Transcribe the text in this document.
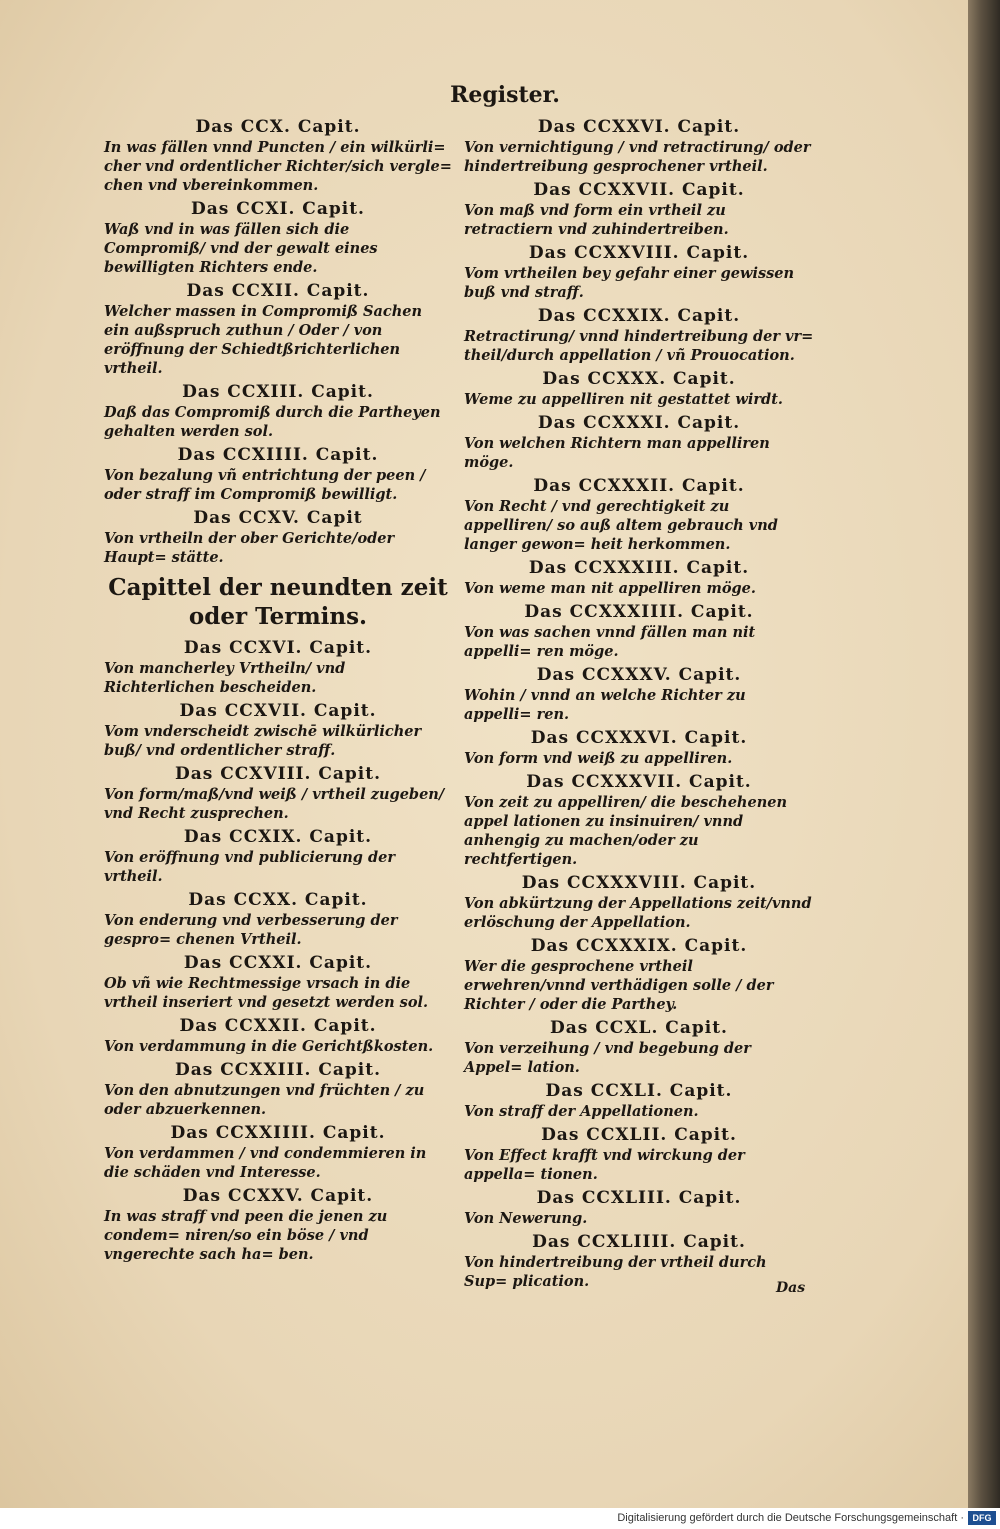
Register.
Das CCX. Capit.
In was fällen vnnd Puncten / ein wilkürli= cher vnd ordentlicher Richter/sich vergle= chen vnd vbereinkommen.
Das CCXI. Capit.
Waß vnd in was fällen sich die Compromiß/ vnd der gewalt eines bewilligten Richters ende.
Das CCXII. Capit.
Welcher massen in Compromiß Sachen ein außspruch zuthun / Oder / von eröffnung der Schiedtßrichterlichen vrtheil.
Das CCXIII. Capit.
Daß das Compromiß durch die Partheyen gehalten werden sol.
Das CCXIIII. Capit.
Von bezalung vñ entrichtung der peen / oder straff im Compromiß bewilligt.
Das CCXV. Capit
Von vrtheiln der ober Gerichte/oder Haupt= stätte.
Capittel der neundten zeit oder Termins.
Das CCXVI. Capit.
Von mancherley Vrtheiln/ vnd Richterlichen bescheiden.
Das CCXVII. Capit.
Vom vnderscheidt zwischē wilkürlicher buß/ vnd ordentlicher straff.
Das CCXVIII. Capit.
Von form/maß/vnd weiß / vrtheil zugeben/ vnd Recht zusprechen.
Das CCXIX. Capit.
Von eröffnung vnd publicierung der vrtheil.
Das CCXX. Capit.
Von enderung vnd verbesserung der gespro= chenen Vrtheil.
Das CCXXI. Capit.
Ob vñ wie Rechtmessige vrsach in die vrtheil inseriert vnd gesetzt werden sol.
Das CCXXII. Capit.
Von verdammung in die Gerichtßkosten.
Das CCXXIII. Capit.
Von den abnutzungen vnd früchten / zu oder abzuerkennen.
Das CCXXIIII. Capit.
Von verdammen / vnd condemmieren in die schäden vnd Interesse.
Das CCXXV. Capit.
In was straff vnd peen die jenen zu condem= niren/so ein böse / vnd vngerechte sach ha= ben.
Das CCXXVI. Capit.
Von vernichtigung / vnd retractirung/ oder hindertreibung gesprochener vrtheil.
Das CCXXVII. Capit.
Von maß vnd form ein vrtheil zu retractiern vnd zuhindertreiben.
Das CCXXVIII. Capit.
Vom vrtheilen bey gefahr einer gewissen buß vnd straff.
Das CCXXIX. Capit.
Retractirung/ vnnd hindertreibung der vr= theil/durch appellation / vñ Prouocation.
Das CCXXX. Capit.
Weme zu appelliren nit gestattet wirdt.
Das CCXXXI. Capit.
Von welchen Richtern man appelliren möge.
Das CCXXXII. Capit.
Von Recht / vnd gerechtigkeit zu appelliren/ so auß altem gebrauch vnd langer gewon= heit herkommen.
Das CCXXXIII. Capit.
Von weme man nit appelliren möge.
Das CCXXXIIII. Capit.
Von was sachen vnnd fällen man nit appelli= ren möge.
Das CCXXXV. Capit.
Wohin / vnnd an welche Richter zu appelli= ren.
Das CCXXXVI. Capit.
Von form vnd weiß zu appelliren.
Das CCXXXVII. Capit.
Von zeit zu appelliren/ die beschehenen appel lationen zu insinuiren/ vnnd anhengig zu machen/oder zu rechtfertigen.
Das CCXXXVIII. Capit.
Von abkürtzung der Appellations zeit/vnnd erlöschung der Appellation.
Das CCXXXIX. Capit.
Wer die gesprochene vrtheil erwehren/vnnd verthädigen solle / der Richter / oder die Parthey.
Das CCXL. Capit.
Von verzeihung / vnd begebung der Appel= lation.
Das CCXLI. Capit.
Von straff der Appellationen.
Das CCXLII. Capit.
Von Effect krafft vnd wirckung der appella= tionen.
Das CCXLIII. Capit.
Von Newerung.
Das CCXLIIII. Capit.
Von hindertreibung der vrtheil durch Sup= plication.	Das
Digitalisierung gefördert durch die Deutsche Forschungsgemeinschaft · DFG
